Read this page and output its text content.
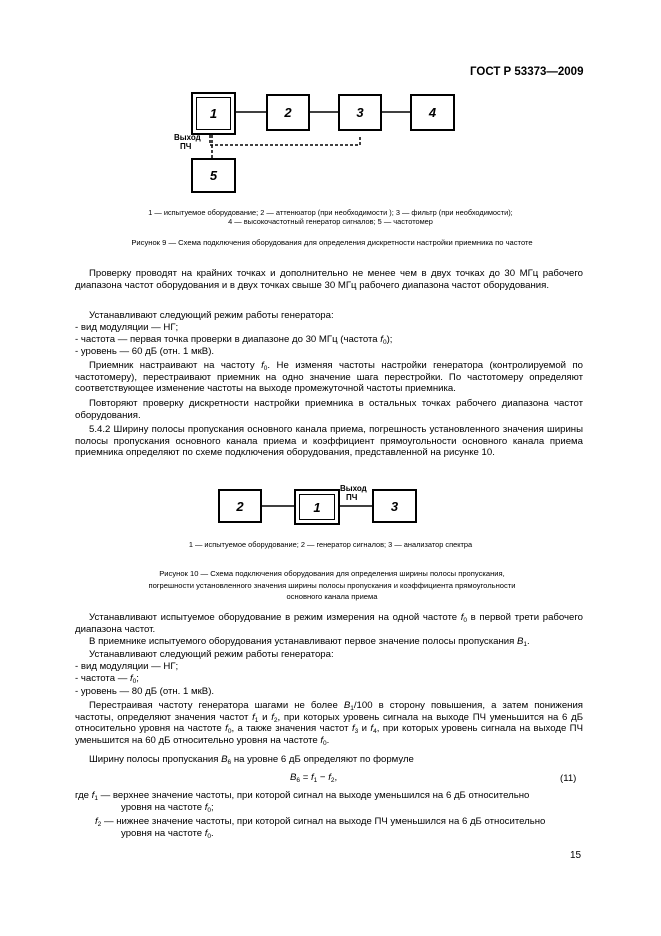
ГОСТ Р 53373—2009
1	2	3	4
5
Выход
ПЧ
1 — испытуемое оборудование; 2 — аттенюатор (при необходимости ); 3 — фильтр (при необходимости);
4 — высокочастотный генератор сигналов; 5 — частотомер
Рисунок 9 — Схема подключения оборудования для определения дискретности настройки приемника по частоте
Проверку проводят на крайних точках и дополнительно не менее чем в двух точках до 30 МГц рабочего диапазона частот оборудования и в двух точках свыше 30 МГц рабочего диапазона частот оборудования.
Устанавливают следующий режим работы генератора:
- вид модуляции — НГ;
- частота — первая точка проверки в диапазоне до 30 МГц (частота $f_0$);
- уровень — 60 дБ (отн. 1 мкВ).
Приемник настраивают на частоту $f_0$. Не изменяя частоты настройки генератора (контролируемой по частотомеру), перестраивают приемник на одно значение шага перестройки. По частотомеру определяют соответствующее изменение частоты на выходе промежуточной частоты приемника.
Повторяют проверку дискретности настройки приемника в остальных точках рабочего диапазона частот оборудования.
5.4.2 Ширину полосы пропускания основного канала приема, погрешность установленного значения ширины полосы пропускания основного канала приема и коэффициент прямоугольности основного канала приема приемника определяют по схеме подключения оборудования, представленной на рисунке 10.
2	1	3
Выход
ПЧ
1 — испытуемое оборудование; 2 — генератор сигналов; 3 — анализатор спектра
Рисунок 10 — Схема подключения оборудования для определения ширины полосы пропускания,
погрешности установленного значения ширины полосы пропускания и коэффициента прямоугольности
основного канала приема
Устанавливают испытуемое оборудование в режим измерения на одной частоте $f_0$ в первой трети рабочего диапазона частот.
В приемнике испытуемого оборудования устанавливают первое значение полосы пропускания $B_1$.
Устанавливают следующий режим работы генератора:
- вид модуляции — НГ;
- частота — $f_0$;
- уровень — 80 дБ (отн. 1 мкВ).
Перестраивая частоту генератора шагами не более $B_1/100$ в сторону повышения, а затем понижения частоты, определяют значения частот $f_1$ и $f_2$, при которых уровень сигнала на выходе ПЧ уменьшится на 6 дБ относительно уровня на частоте $f_0$, а также значения частот $f_3$ и $f_4$, при которых уровень сигнала на выходе ПЧ уменьшится на 60 дБ относительно уровня на частоте $f_0$.
Ширину полосы пропускания $B_6$ на уровне 6 дБ определяют по формуле
$B_6 = f_1 - f_2$,	(11)
где $f_1$ — верхнее значение частоты, при которой сигнал на выходе уменьшился на 6 дБ относительно
уровня на частоте $f_0$;
$f_2$ — нижнее значение частоты, при которой сигнал на выходе ПЧ уменьшился на 6 дБ относительно
уровня на частоте $f_0$.
15
